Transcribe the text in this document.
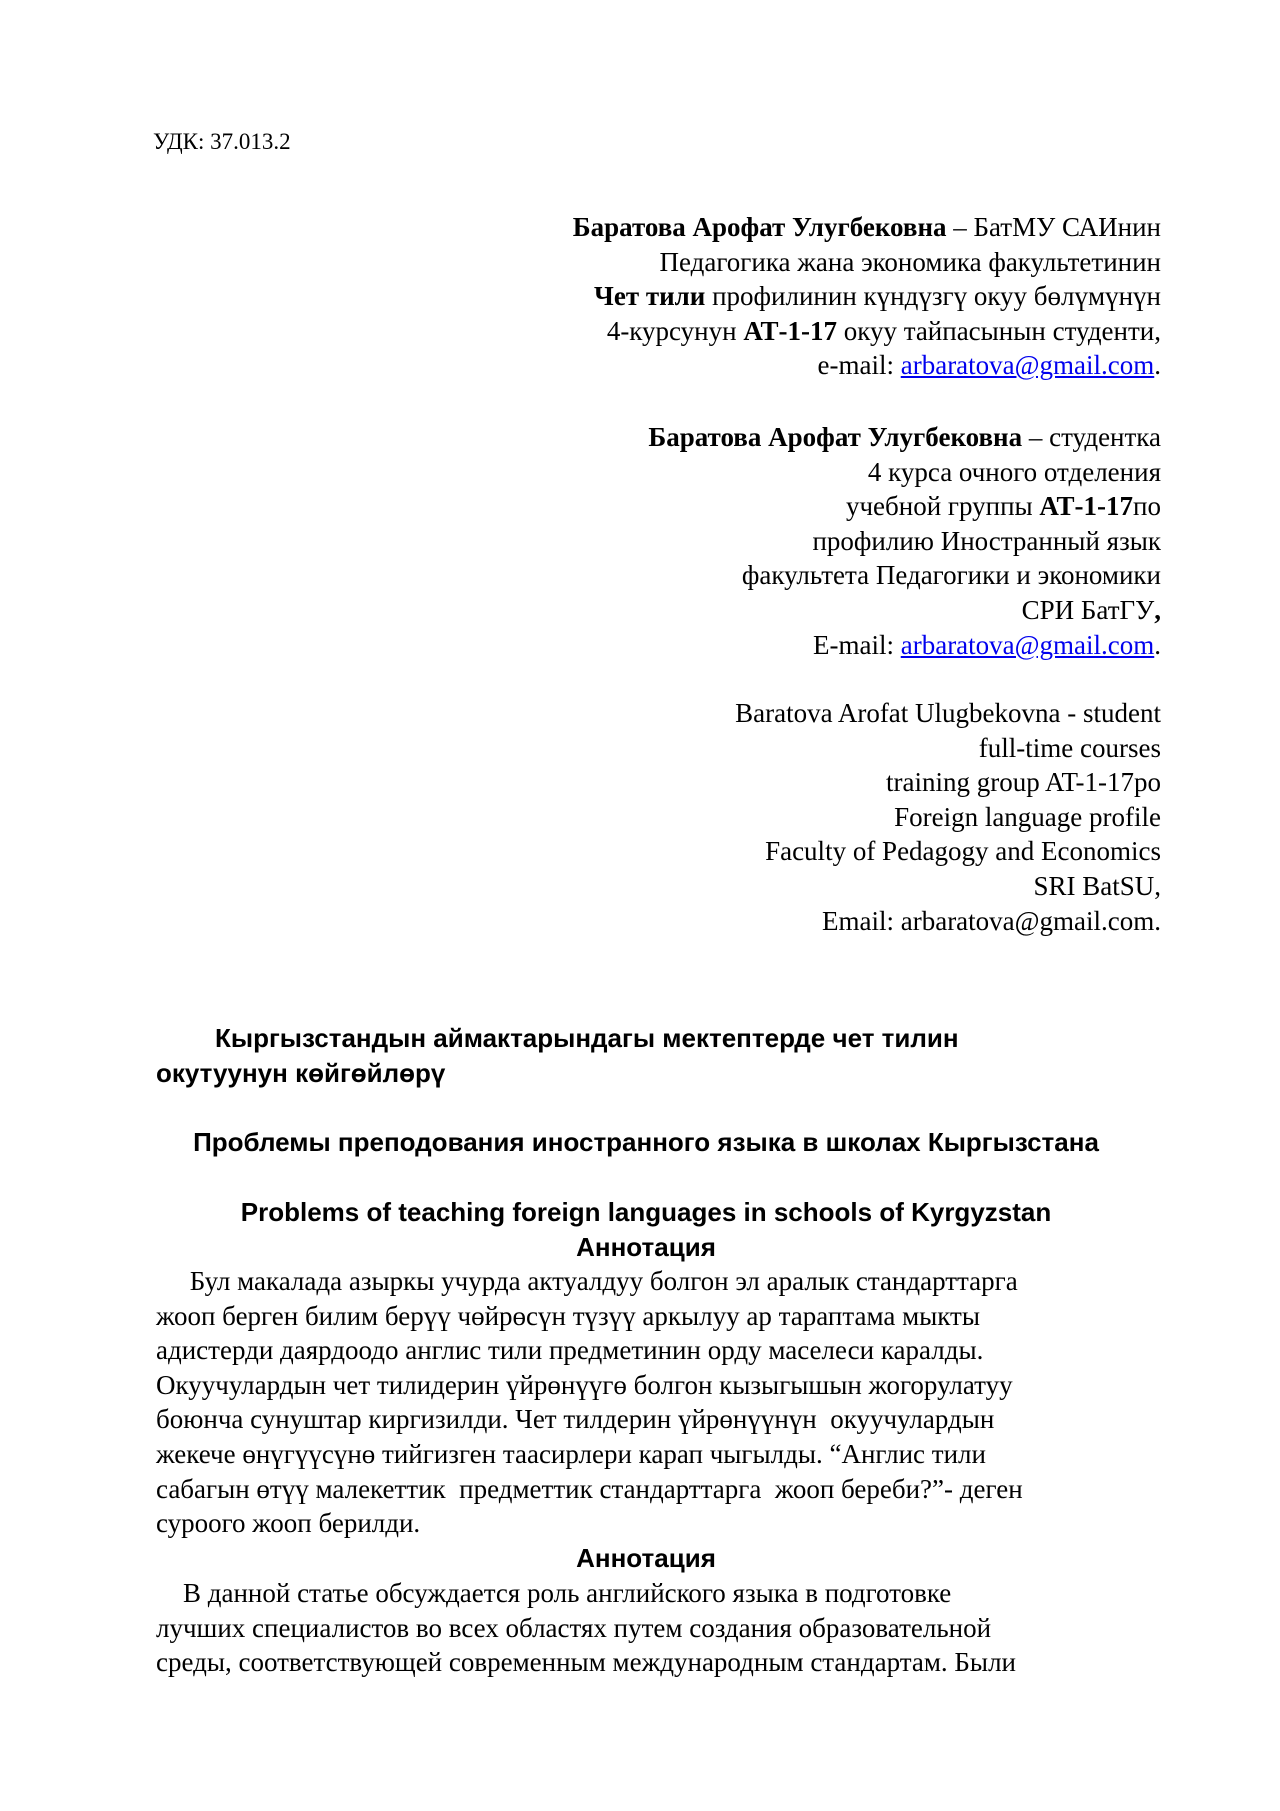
УДК: 37.013.2
Баратова Арофат Улугбековна – БатМУ САИнин
Педагогика жана экономика факультетинин
Чет тили профилинин күндүзгү окуу бөлүмүнүн
4-курсунун АТ-1-17 окуу тайпасынын студенти,
e-mail: arbaratova@gmail.com.
Баратова Арофат Улугбековна – студентка
4 курса очного отделения
учебной группы АТ-1-17по
профилию Иностранный язык
факультета Педагогики и экономики
СРИ БатГУ,
E-mail: arbaratova@gmail.com.
Baratova Arofat Ulugbekovna - student
full-time courses
training group AT-1-17po
Foreign language profile
Faculty of Pedagogy and Economics
SRI BatSU,
Email: arbaratova@gmail.com.
Кыргызстандын аймактарындагы мектептерде чет тилин
окутуунун көйгөйлөрү
Проблемы преподования иностранного языка в школах Кыргызстана
Problems of teaching foreign languages in schools of Kyrgyzstan
Аннотация
Бул макалада азыркы учурда актуалдуу болгон эл аралык стандарттарга
жооп берген билим берүү чөйрөсүн түзүү аркылуу ар тараптама мыкты
адистерди даярдоодо англис тили предметинин орду маселеси каралды.
Окуучулардын чет тилидерин үйрөнүүгө болгон кызыгышын жогорулатуу
боюнча сунуштар киргизилди. Чет тилдерин үйрөнүүнүн  окуучулардын
жекече өнүгүүсүнө тийгизген таасирлери карап чыгылды. “Англис тили
сабагын өтүү малекеттик  предметтик стандарттарга  жооп береби?”- деген
суроого жооп берилди.
Аннотация
В данной статье обсуждается роль английского языка в подготовке
лучших специалистов во всех областях путем создания образовательной
среды, соответствующей современным международным стандартам. Были
